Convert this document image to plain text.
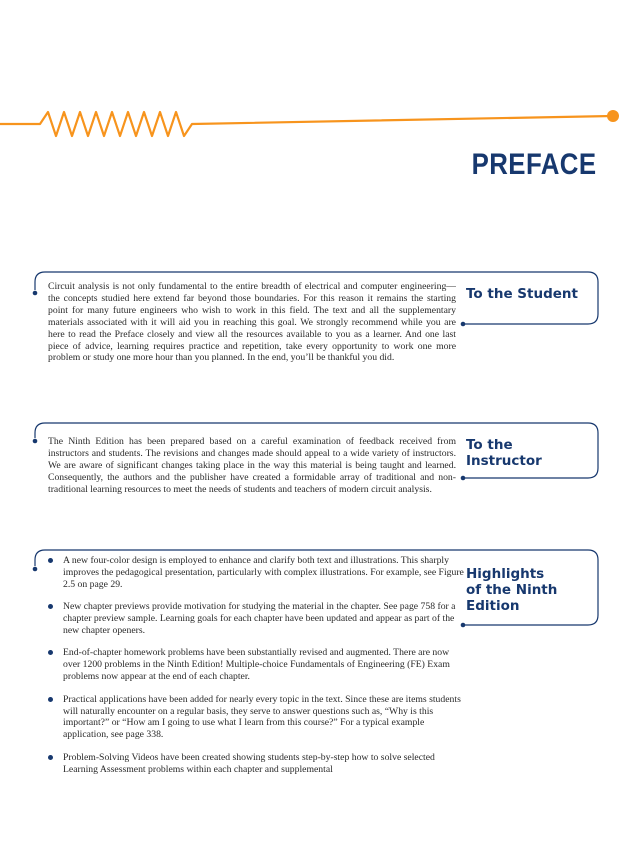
PREFACE

Circuit analysis is not only fundamental to the entire breadth of electrical and computer engineering—the concepts studied here extend far beyond those boundaries. For this reason it remains the starting point for many future engineers who wish to work in this field. The text and all the supplementary materials associated with it will aid you in reaching this goal. We strongly recommend while you are here to read the Preface closely and view all the resources available to you as a learner. And one last piece of advice, learning requires practice and repetition, take every opportunity to work one more problem or study one more hour than you planned. In the end, you’ll be thankful you did.

To the Student

The Ninth Edition has been prepared based on a careful examination of feedback received from instructors and students. The revisions and changes made should appeal to a wide variety of instructors. We are aware of significant changes taking place in the way this material is being taught and learned. Consequently, the authors and the publisher have created a formidable array of traditional and non-traditional learning resources to meet the needs of students and teachers of modern circuit analysis.

To the
Instructor
Highlights
of the Ninth
Edition
A new four-color design is employed to enhance and clarify both text and illustrations. This sharply improves the pedagogical presentation, particularly with complex illustrations. For example, see Figure 2.5 on page 29.
New chapter previews provide motivation for studying the material in the chapter. See page 758 for a chapter preview sample. Learning goals for each chapter have been updated and appear as part of the new chapter openers.
End-of-chapter homework problems have been substantially revised and augmented. There are now over 1200 problems in the Ninth Edition! Multiple-choice Fundamentals of Engineering (FE) Exam problems now appear at the end of each chapter.
Practical applications have been added for nearly every topic in the text. Since these are items students will naturally encounter on a regular basis, they serve to answer questions such as, “Why is this important?” or “How am I going to use what I learn from this course?” For a typical example application, see page 338.
Problem-Solving Videos have been created showing students step-by-step how to solve selected Learning Assessment problems within each chapter and supplemental
